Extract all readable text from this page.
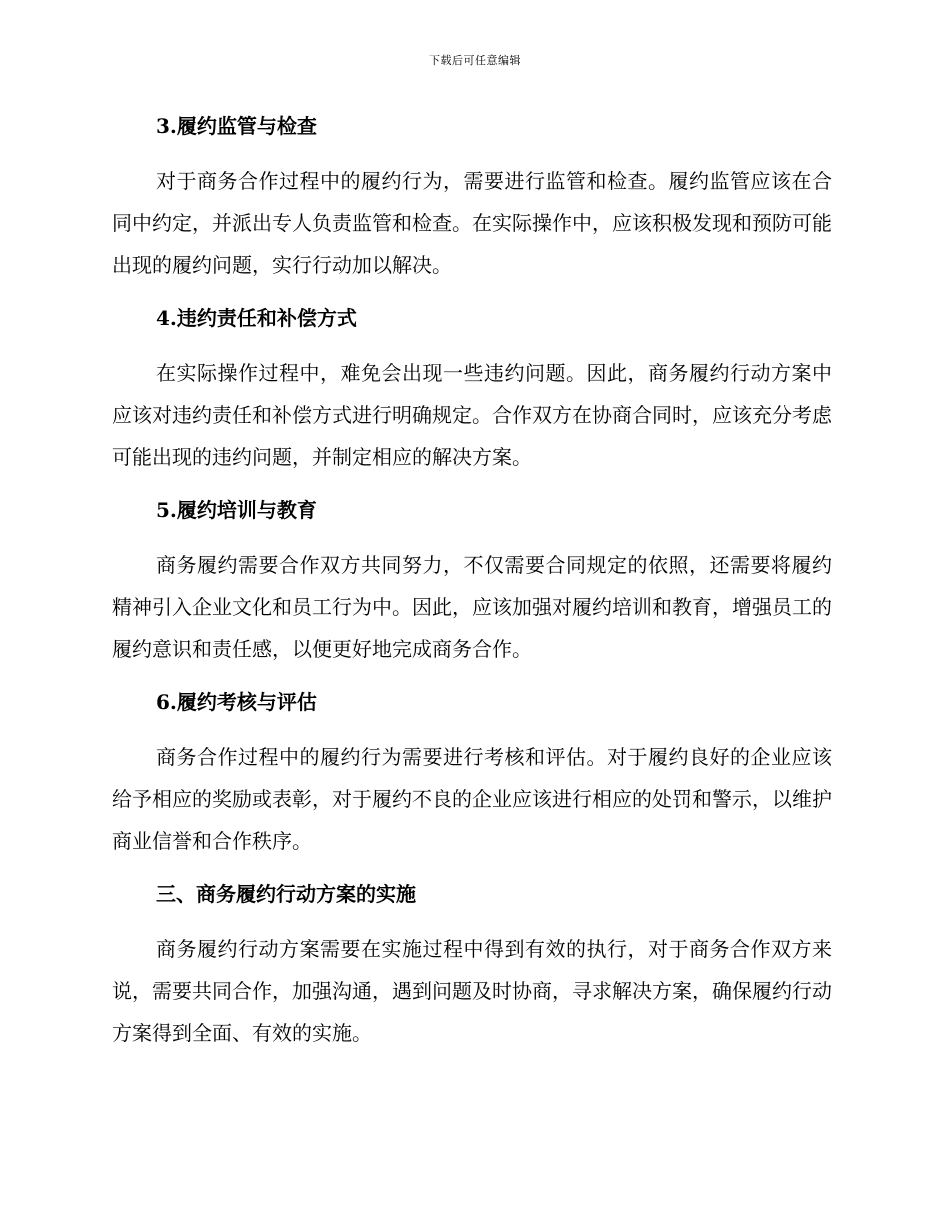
下载后可任意编辑
3.履约监管与检查

对于商务合作过程中的履约行为，需要进行监管和检查。履约监管应该在合同中约定，并派出专人负责监管和检查。在实际操作中，应该积极发现和预防可能出现的履约问题，实行行动加以解决。

4.违约责任和补偿方式

在实际操作过程中，难免会出现一些违约问题。因此，商务履约行动方案中应该对违约责任和补偿方式进行明确规定。合作双方在协商合同时，应该充分考虑可能出现的违约问题，并制定相应的解决方案。

5.履约培训与教育

商务履约需要合作双方共同努力，不仅需要合同规定的依照，还需要将履约精神引入企业文化和员工行为中。因此，应该加强对履约培训和教育，增强员工的履约意识和责任感，以便更好地完成商务合作。

6.履约考核与评估

商务合作过程中的履约行为需要进行考核和评估。对于履约良好的企业应该给予相应的奖励或表彰，对于履约不良的企业应该进行相应的处罚和警示，以维护商业信誉和合作秩序。

三、商务履约行动方案的实施

商务履约行动方案需要在实施过程中得到有效的执行，对于商务合作双方来说，需要共同合作，加强沟通，遇到问题及时协商，寻求解决方案，确保履约行动方案得到全面、有效的实施。
